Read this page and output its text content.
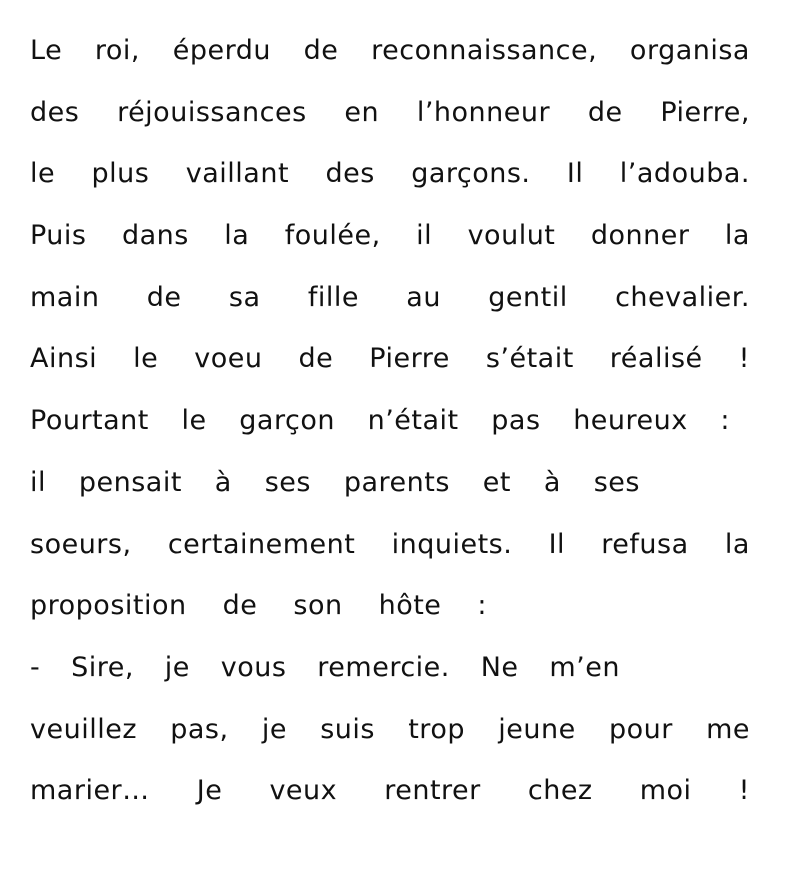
Le roi, éperdu de reconnaissance, organisa
des réjouissances en l’honneur de Pierre,
le plus vaillant des garçons. Il l’adouba.
Puis dans la foulée, il voulut donner la
main de sa fille au gentil chevalier.
Ainsi le voeu de Pierre s’était réalisé !
Pourtant le garçon n’était pas heureux :
il pensait à ses parents et à ses
soeurs, certainement inquiets. Il refusa la
proposition de son hôte :
- Sire, je vous remercie. Ne m’en
veuillez pas, je suis trop jeune pour me
marier… Je veux rentrer chez moi !
